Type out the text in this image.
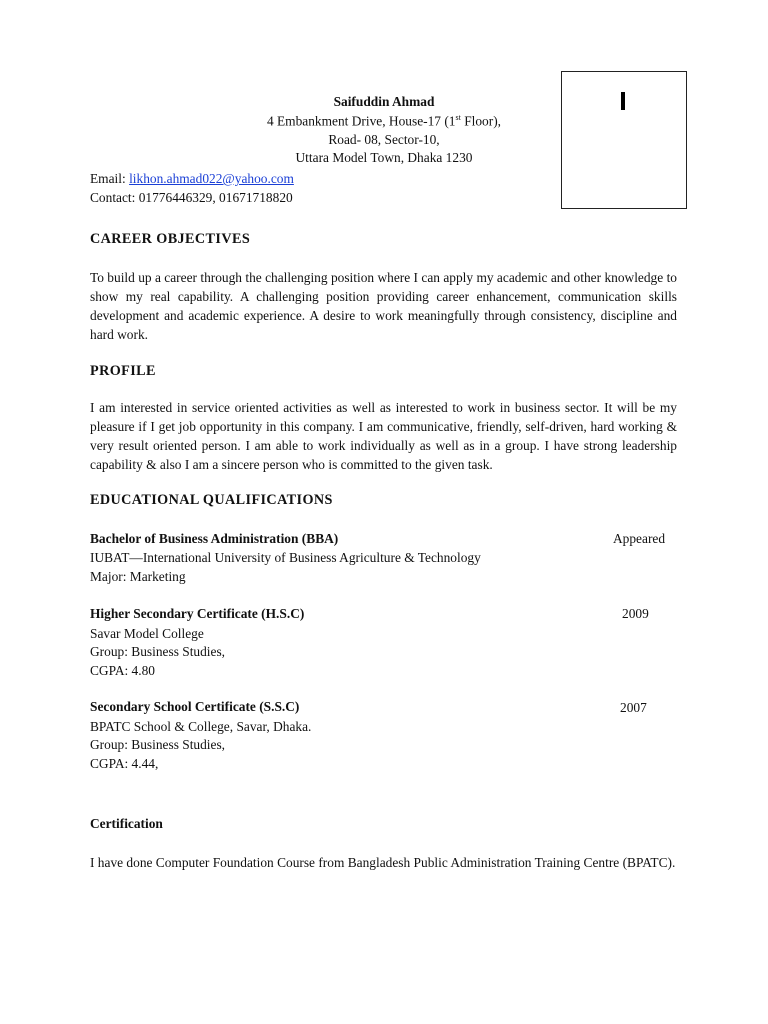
Saifuddin Ahmad
4 Embankment Drive, House-17 (1st Floor),
Road- 08, Sector-10,
Uttara Model Town, Dhaka 1230
Email: likhon.ahmad022@yahoo.com
Contact: 01776446329, 01671718820
CAREER OBJECTIVES
To build up a career through the challenging position where I can apply my academic and other knowledge to show my real capability. A challenging position providing career enhancement, communication skills development and academic experience. A desire to work meaningfully through consistency, discipline and hard work.
PROFILE
I am interested in service oriented activities as well as interested to work in business sector. It will be my pleasure if I get job opportunity in this company. I am communicative, friendly, self-driven, hard working & very result oriented person. I am able to work individually as well as in a group. I have strong leadership capability & also I am a sincere person who is committed to the given task.
EDUCATIONAL QUALIFICATIONS
Bachelor of Business Administration (BBA)	Appeared
IUBAT—International University of Business Agriculture & Technology
Major: Marketing
Higher Secondary Certificate (H.S.C)	2009
Savar Model College
Group: Business Studies,
CGPA: 4.80
Secondary School Certificate (S.S.C)	2007
BPATC School & College, Savar, Dhaka.
Group: Business Studies,
CGPA: 4.44,
Certification
I have done Computer Foundation Course from Bangladesh Public Administration Training Centre (BPATC).
